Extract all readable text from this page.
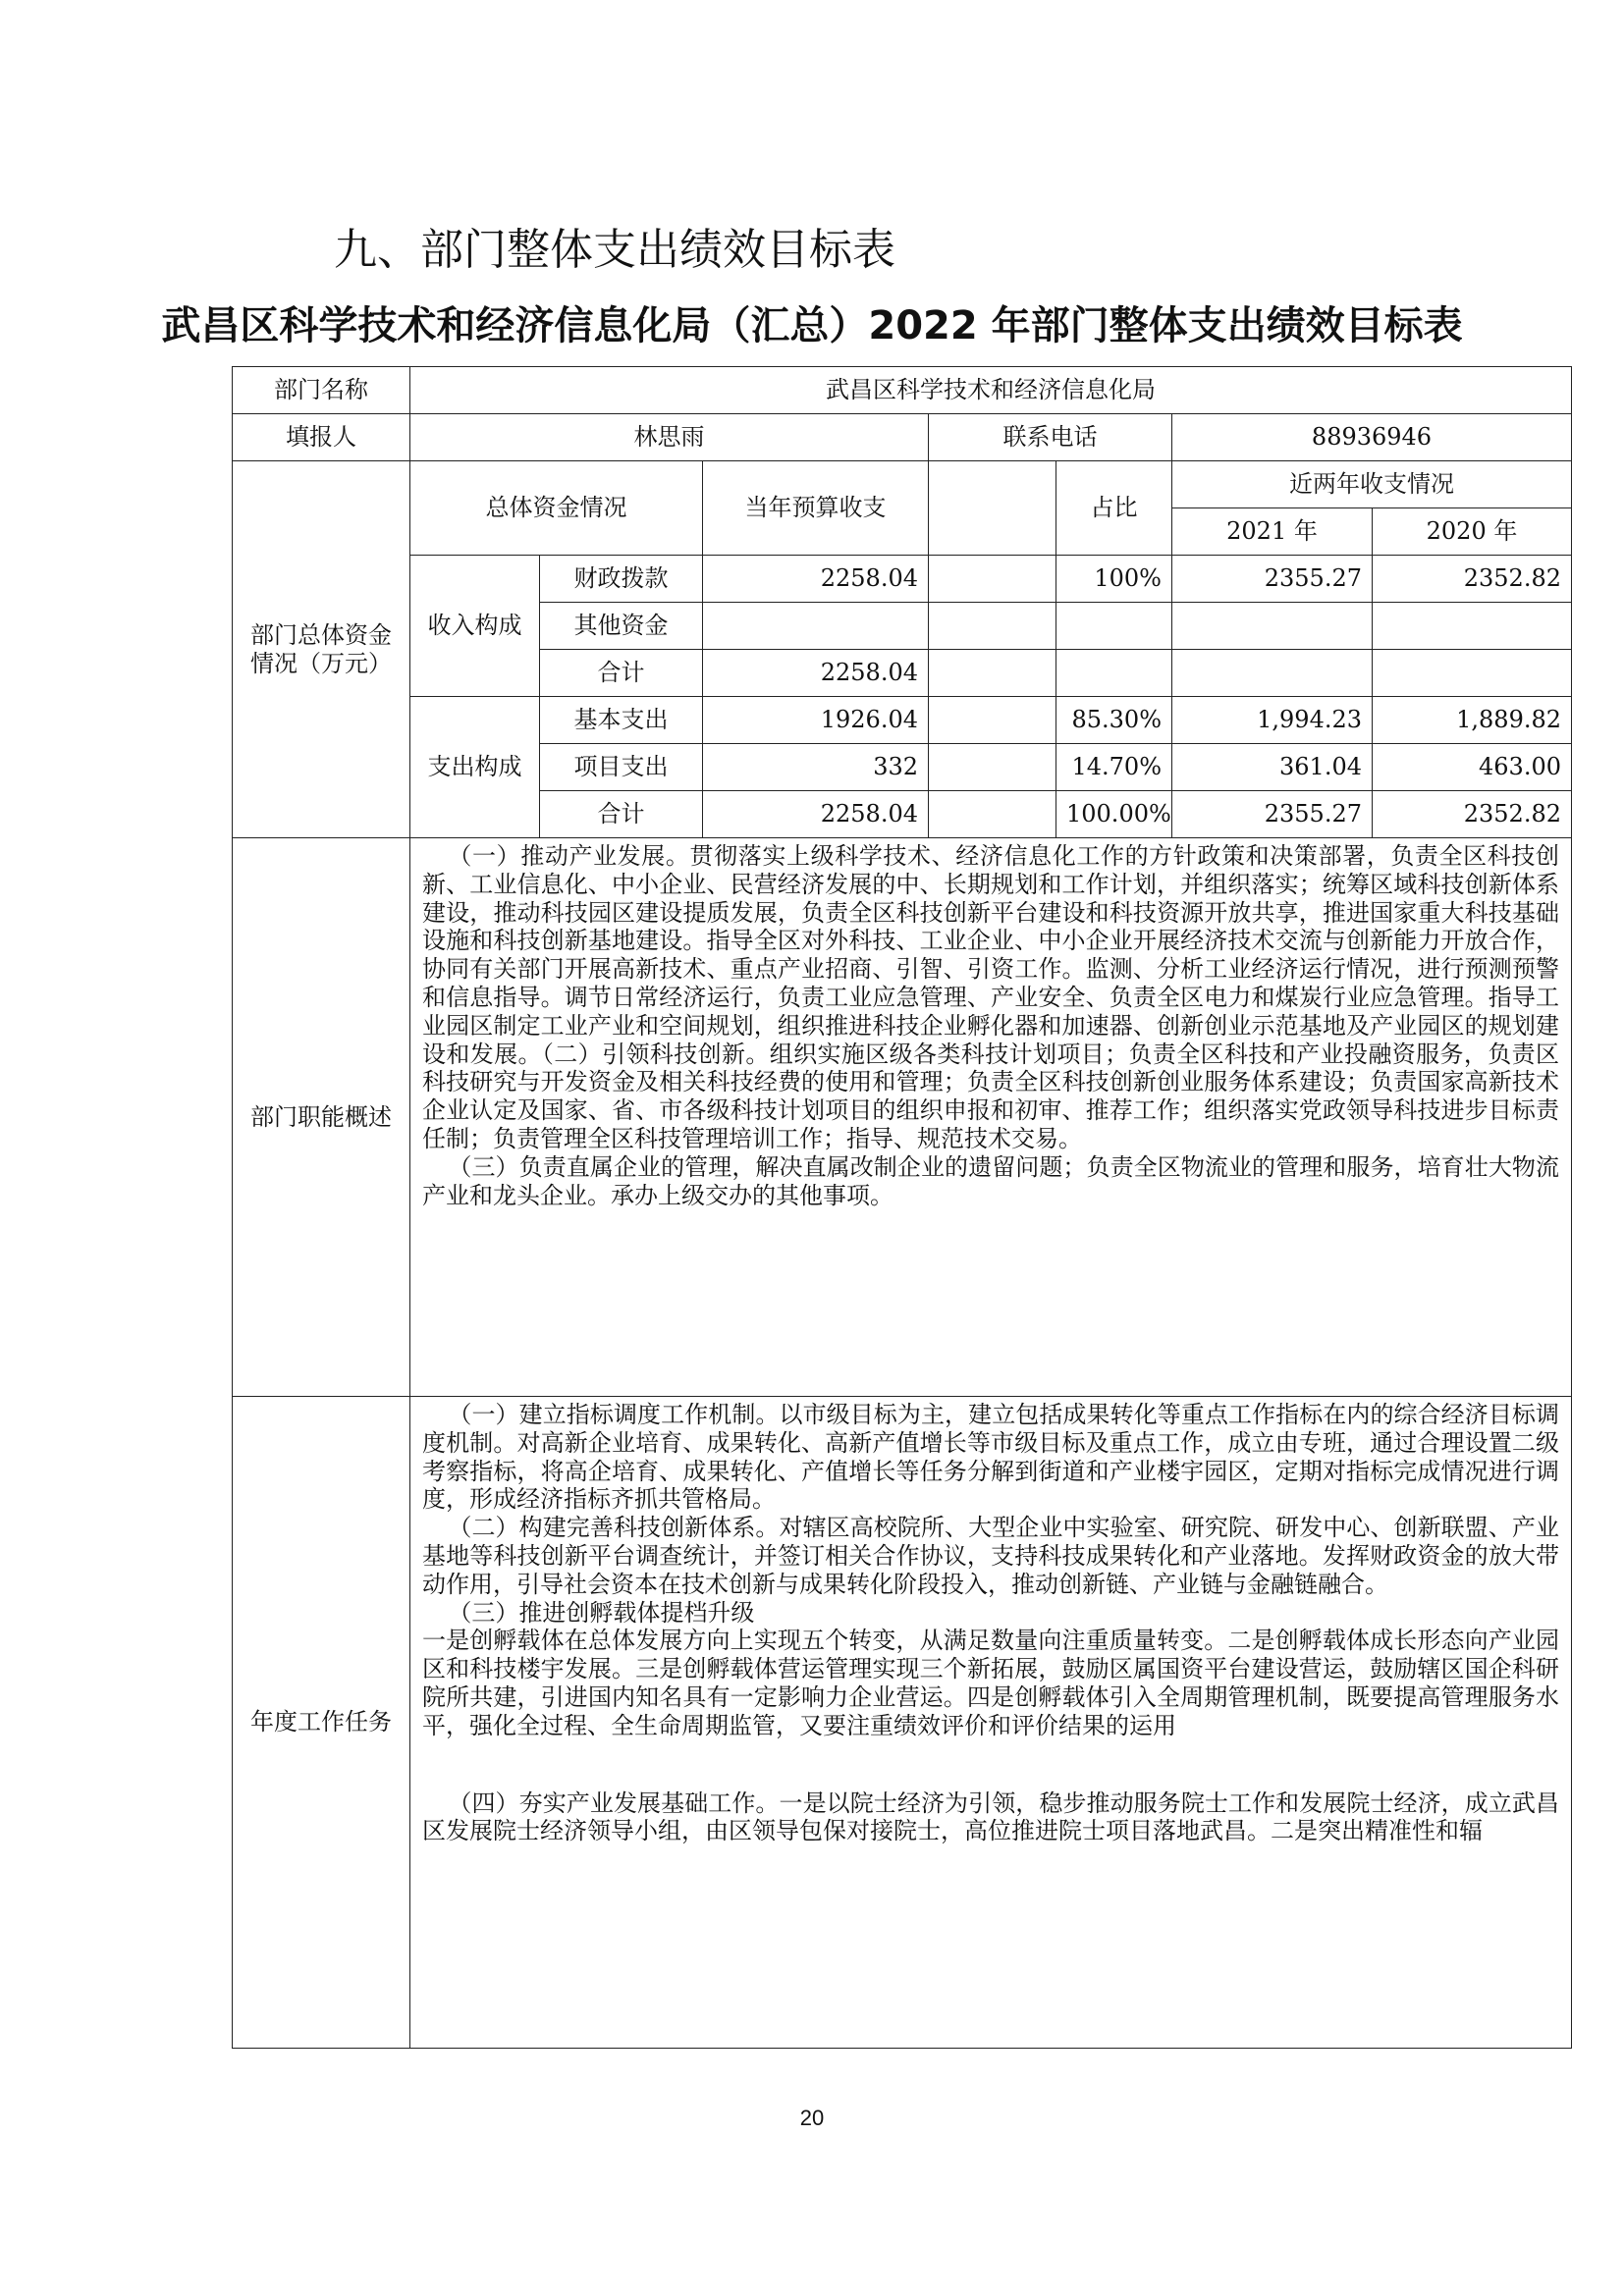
九、部门整体支出绩效目标表
武昌区科学技术和经济信息化局（汇总）2022 年部门整体支出绩效目标表
部门名称	武昌区科学技术和经济信息化局						
填报人	林思雨			联系电话		88936946	
部门总体资金情况（万元）	总体资金情况		当年预算收支		占比	近两年收支情况	
						2021 年	2020 年
	收入构成	财政拨款	2258.04		100%	2355.27	2352.82
		其他资金					
		合计	2258.04				
	支出构成	基本支出	1926.04		85.30%	1,994.23	1,889.82
		项目支出	332		14.70%	361.04	463.00
		合计	2258.04		100.00%	2355.27	2352.82
部门职能概述	（一）推动产业发展。贯彻落实上级科学技术、经济信息化工作的方针政策和决策部署，负责全区科技创新、工业信息化、中小企业、民营经济发展的中、长期规划和工作计划，并组织落实；统筹区域科技创新体系建设，推动科技园区建设提质发展，负责全区科技创新平台建设和科技资源开放共享，推进国家重大科技基础设施和科技创新基地建设。指导全区对外科技、工业企业、中小企业开展经济技术交流与创新能力开放合作，协同有关部门开展高新技术、重点产业招商、引智、引资工作。监测、分析工业经济运行情况，进行预测预警和信息指导。调节日常经济运行，负责工业应急管理、产业安全、负责全区电力和煤炭行业应急管理。指导工业园区制定工业产业和空间规划，组织推进科技企业孵化器和加速器、创新创业示范基地及产业园区的规划建设和发展。（二）引领科技创新。组织实施区级各类科技计划项目；负责全区科技和产业投融资服务，负责区科技研究与开发资金及相关科技经费的使用和管理；负责全区科技创新创业服务体系建设；负责国家高新技术企业认定及国家、省、市各级科技计划项目的组织申报和初审、推荐工作；组织落实党政领导科技进步目标责任制；负责管理全区科技管理培训工作；指导、规范技术交易。

（三）负责直属企业的管理，解决直属改制企业的遗留问题；负责全区物流业的管理和服务，培育壮大物流产业和龙头企业。承办上级交办的其他事项。						

年度工作任务	（一）建立指标调度工作机制。以市级目标为主，建立包括成果转化等重点工作指标在内的综合经济目标调度机制。对高新企业培育、成果转化、高新产值增长等市级目标及重点工作，成立由专班，通过合理设置二级考察指标，将高企培育、成果转化、产值增长等任务分解到街道和产业楼宇园区，定期对指标完成情况进行调度，形成经济指标齐抓共管格局。

（二）构建完善科技创新体系。对辖区高校院所、大型企业中实验室、研究院、研发中心、创新联盟、产业基地等科技创新平台调查统计，并签订相关合作协议，支持科技成果转化和产业落地。发挥财政资金的放大带动作用，引导社会资本在技术创新与成果转化阶段投入，推动创新链、产业链与金融链融合。

（三）推进创孵载体提档升级

一是创孵载体在总体发展方向上实现五个转变，从满足数量向注重质量转变。二是创孵载体成长形态向产业园区和科技楼宇发展。三是创孵载体营运管理实现三个新拓展，鼓励区属国资平台建设营运，鼓励辖区国企科研院所共建，引进国内知名具有一定影响力企业营运。四是创孵载体引入全周期管理机制，既要提高管理服务水平，强化全过程、全生命周期监管，又要注重绩效评价和评价结果的运用

（四）夯实产业发展基础工作。一是以院士经济为引领，稳步推动服务院士工作和发展院士经济，成立武昌区发展院士经济领导小组，由区领导包保对接院士，高位推进院士项目落地武昌。二是突出精准性和辐						

20
